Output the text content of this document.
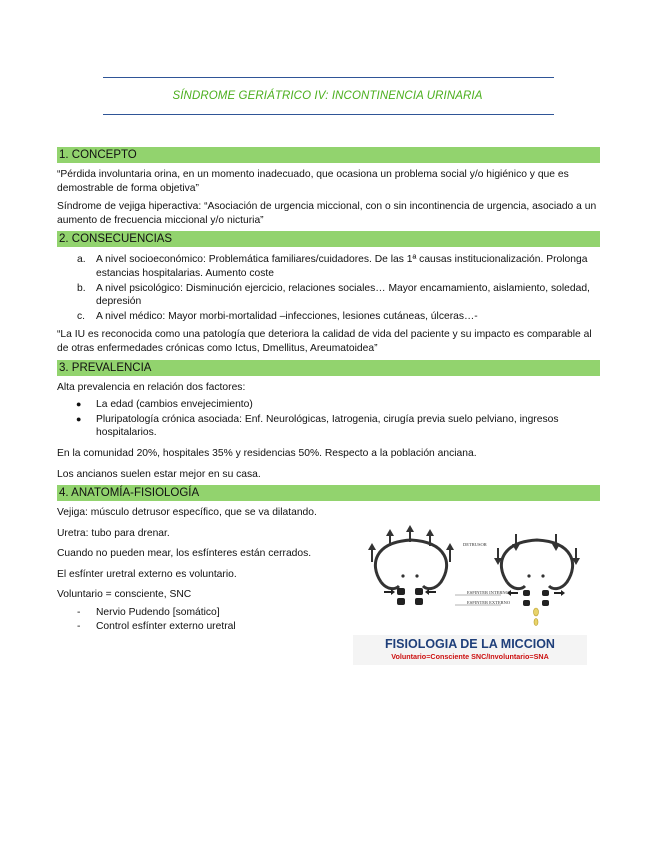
SÍNDROME GERIÁTRICO IV: INCONTINENCIA URINARIA
1. CONCEPTO

“Pérdida involuntaria orina, en un momento inadecuado, que ocasiona un problema social y/o higiénico y que es demostrable de forma objetiva”

Síndrome de vejiga hiperactiva: “Asociación de urgencia miccional, con o sin incontinencia de urgencia, asociado a un aumento de frecuencia miccional y/o nicturia”

2. CONSECUENCIAS
a. A nivel socioeconómico: Problemática familiares/cuidadores. De las 1ª causas institucionalización. Prolonga estancias hospitalarias. Aumento coste
b. A nivel psicológico: Disminución ejercicio, relaciones sociales… Mayor encamamiento, aislamiento, soledad, depresión
c. A nivel médico: Mayor morbi-mortalidad –infecciones, lesiones cutáneas, úlceras…-

“La IU es reconocida como una patología que deteriora la calidad de vida del paciente y su impacto es comparable al de otras enfermedades crónicas como Ictus, Dmellitus, Areumatoidea”

3. PREVALENCIA

Alta prevalencia en relación dos factores:

● La edad (cambios envejecimiento)
● Pluripatología crónica asociada: Enf. Neurológicas, Iatrogenia, cirugía previa suelo pelviano, ingresos hospitalarios.

En la comunidad 20%, hospitales 35% y residencias 50%. Respecto a la población anciana.

Los ancianos suelen estar mejor en su casa.

4. ANATOMÍA-FISIOLOGÍA

Vejiga: músculo detrusor específico, que se va dilatando.

Uretra: tubo para drenar.

Cuando no pueden mear, los esfínteres están cerrados.

El esfínter uretral externo es voluntario.

Voluntario = consciente, SNC

- Nervio Pudendo [somático]
- Control esfínter externo uretral
DETRUSOR
ESFINTER INTERNO
ESFINTER EXTERNO
FISIOLOGIA DE LA MICCION
Voluntario=Consciente SNC/Involuntario=SNA
